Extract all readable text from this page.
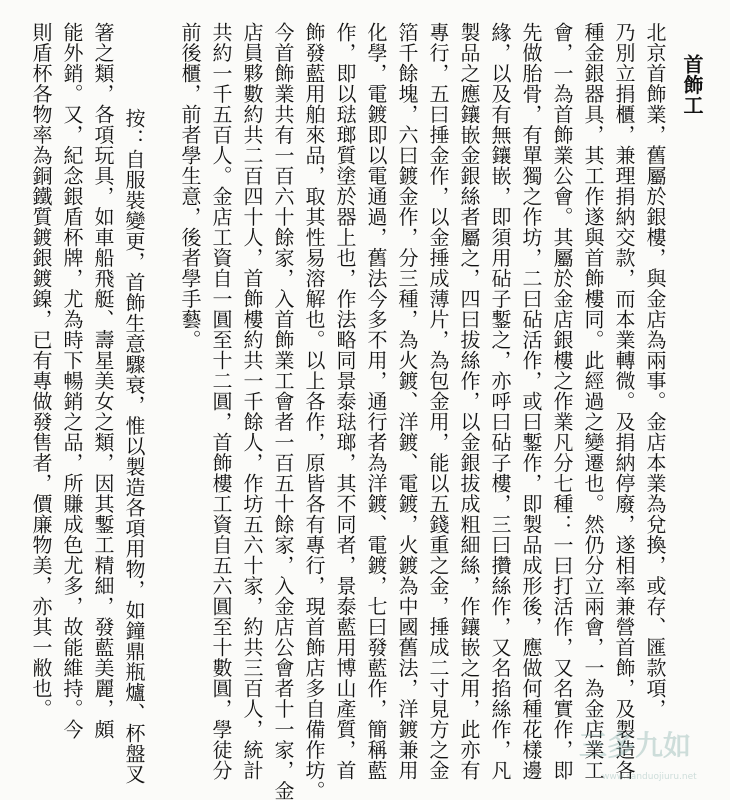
首飾工
北京首飾業，舊屬於銀樓，與金店為兩事。金店本業為兌換，或存、匯款項，
乃別立捐櫃，兼理捐納交款，而本業轉微。及捐納停廢，遂相率兼營首飾，及製造各
種金銀器具，其工作遂與首飾樓同。此經過之變遷也。然仍分立兩會，一為金店業工
會，一為首飾業公會。其屬於金店銀樓之作業凡分七種：一曰打活作，又名實作，即
先做胎骨，有單獨之作坊，二曰砧活作，或曰鏨作，即製品成形後，應做何種花樣邊
緣，以及有無鑲嵌，即須用砧子鏨之，亦呼曰砧子樓，三曰攢絲作，又名掐絲作，凡
製品之應鑲嵌金銀絲者屬之，四曰拔絲作，以金銀拔成粗細絲，作鑲嵌之用，此亦有
專行，五曰捶金作，以金捶成薄片，為包金用，能以五錢重之金，捶成二寸見方之金
箔千餘塊，六曰鍍金作，分三種，為火鍍、洋鍍、電鍍，火鍍為中國舊法，洋鍍兼用
化學，電鍍即以電通過，舊法今多不用，通行者為洋鍍、電鍍，七曰發藍作，簡稱藍
作，即以琺瑯質塗於器上也，作法略同景泰琺瑯，其不同者，景泰藍用博山產質，首
飾發藍用舶來品，取其性易溶解也。以上各作，原皆各有專行，現首飾店多自備作坊。
今首飾業共有一百六十餘家，入首飾業工會者一百五十餘家，入金店公會者十一家，金
店員夥數約共二百四十人，首飾樓約共一千餘人，作坊五六十家，約共三百人，統計
共約一千五百人。金店工資自一圓至十二圓，首飾樓工資自五六圓至十數圓，學徒分
前後櫃，前者學生意，後者學手藝。
按：自服裝變更，首飾生意驟衰，惟以製造各項用物，如鐘鼎瓶爐、杯盤叉
箸之類，各項玩具，如車船飛艇、壽星美女之類，因其鏨工精細，發藍美麗，頗
能外銷。又，紀念銀盾杯牌，尤為時下暢銷之品，所賺成色尤多，故能維持。今
則盾杯各物率為銅鐵質鍍銀鍍鎳，已有專做發售者，價廉物美，亦其一敝也。
三多九如
www.sanduojiuru.net
